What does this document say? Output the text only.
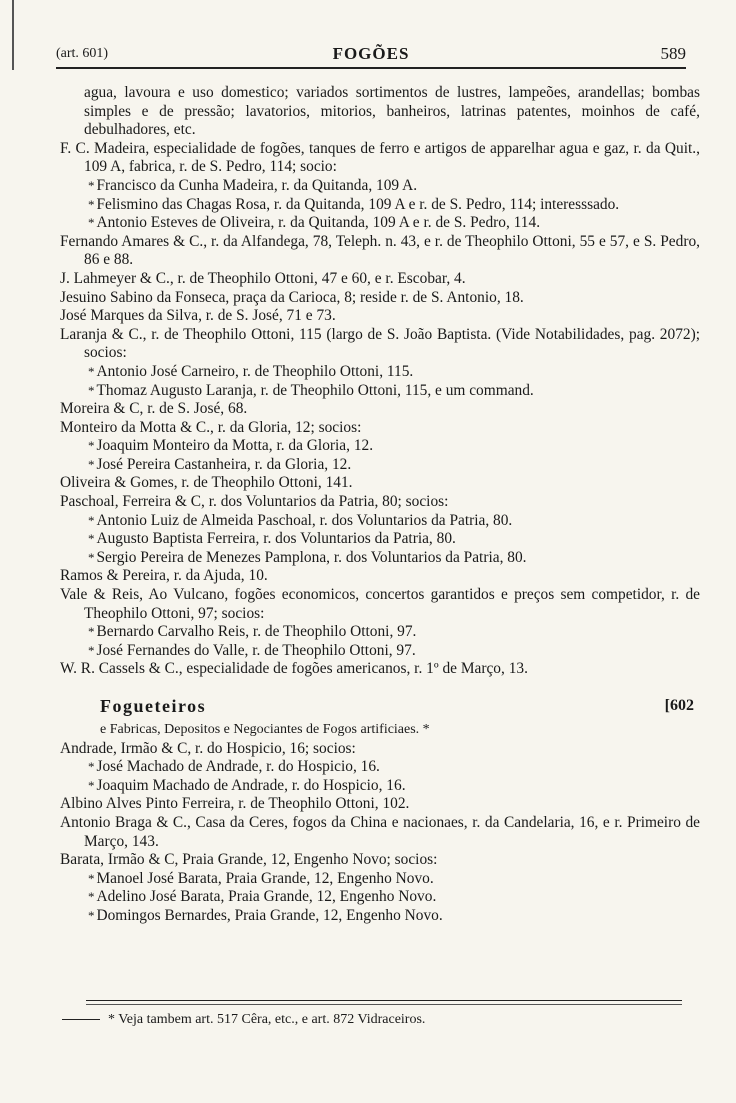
(art. 601)	FOGÕES	589

agua, lavoura e uso domestico; variados sortimentos de lustres, lampeões, arandellas; bombas simples e de pressão; lavatorios, mitorios, banheiros, latrinas patentes, moinhos de café, debulhadores, etc.

F. C. Madeira, especialidade de fogões, tanques de ferro e artigos de apparelhar agua e gaz, r. da Quit., 109 A, fabrica, r. de S. Pedro, 114; socio:

* Francisco da Cunha Madeira, r. da Quitanda, 109 A.

* Felismino das Chagas Rosa, r. da Quitanda, 109 A e r. de S. Pedro, 114; interesssado.

* Antonio Esteves de Oliveira, r. da Quitanda, 109 A e r. de S. Pedro, 114.

Fernando Amares & C., r. da Alfandega, 78, Teleph. n. 43, e r. de Theophilo Ottoni, 55 e 57, e S. Pedro, 86 e 88.

J. Lahmeyer & C., r. de Theophilo Ottoni, 47 e 60, e r. Escobar, 4.

Jesuino Sabino da Fonseca, praça da Carioca, 8; reside r. de S. Antonio, 18.

José Marques da Silva, r. de S. José, 71 e 73.

Laranja & C., r. de Theophilo Ottoni, 115 (largo de S. João Baptista. (Vide Notabilidades, pag. 2072); socios:

* Antonio José Carneiro, r. de Theophilo Ottoni, 115.

* Thomaz Augusto Laranja, r. de Theophilo Ottoni, 115, e um command.

Moreira & C, r. de S. José, 68.

Monteiro da Motta & C., r. da Gloria, 12; socios:

* Joaquim Monteiro da Motta, r. da Gloria, 12.

* José Pereira Castanheira, r. da Gloria, 12.

Oliveira & Gomes, r. de Theophilo Ottoni, 141.

Paschoal, Ferreira & C, r. dos Voluntarios da Patria, 80; socios:

* Antonio Luiz de Almeida Paschoal, r. dos Voluntarios da Patria, 80.

* Augusto Baptista Ferreira, r. dos Voluntarios da Patria, 80.

* Sergio Pereira de Menezes Pamplona, r. dos Voluntarios da Patria, 80.

Ramos & Pereira, r. da Ajuda, 10.

Vale & Reis, Ao Vulcano, fogões economicos, concertos garantidos e preços sem competidor, r. de Theophilo Ottoni, 97; socios:

* Bernardo Carvalho Reis, r. de Theophilo Ottoni, 97.

* José Fernandes do Valle, r. de Theophilo Ottoni, 97.

W. R. Cassels & C., especialidade de fogões americanos, r. 1º de Março, 13.

Fogueteiros	[602

e Fabricas, Depositos e Negociantes de Fogos artificiaes. *

Andrade, Irmão & C, r. do Hospicio, 16; socios:

* José Machado de Andrade, r. do Hospicio, 16.

* Joaquim Machado de Andrade, r. do Hospicio, 16.

Albino Alves Pinto Ferreira, r. de Theophilo Ottoni, 102.

Antonio Braga & C., Casa da Ceres, fogos da China e nacionaes, r. da Candelaria, 16, e r. Primeiro de Março, 143.

Barata, Irmão & C, Praia Grande, 12, Engenho Novo; socios:

* Manoel José Barata, Praia Grande, 12, Engenho Novo.

* Adelino José Barata, Praia Grande, 12, Engenho Novo.

* Domingos Bernardes, Praia Grande, 12, Engenho Novo.

* Veja tambem art. 517 Cêra, etc., e art. 872 Vidraceiros.
